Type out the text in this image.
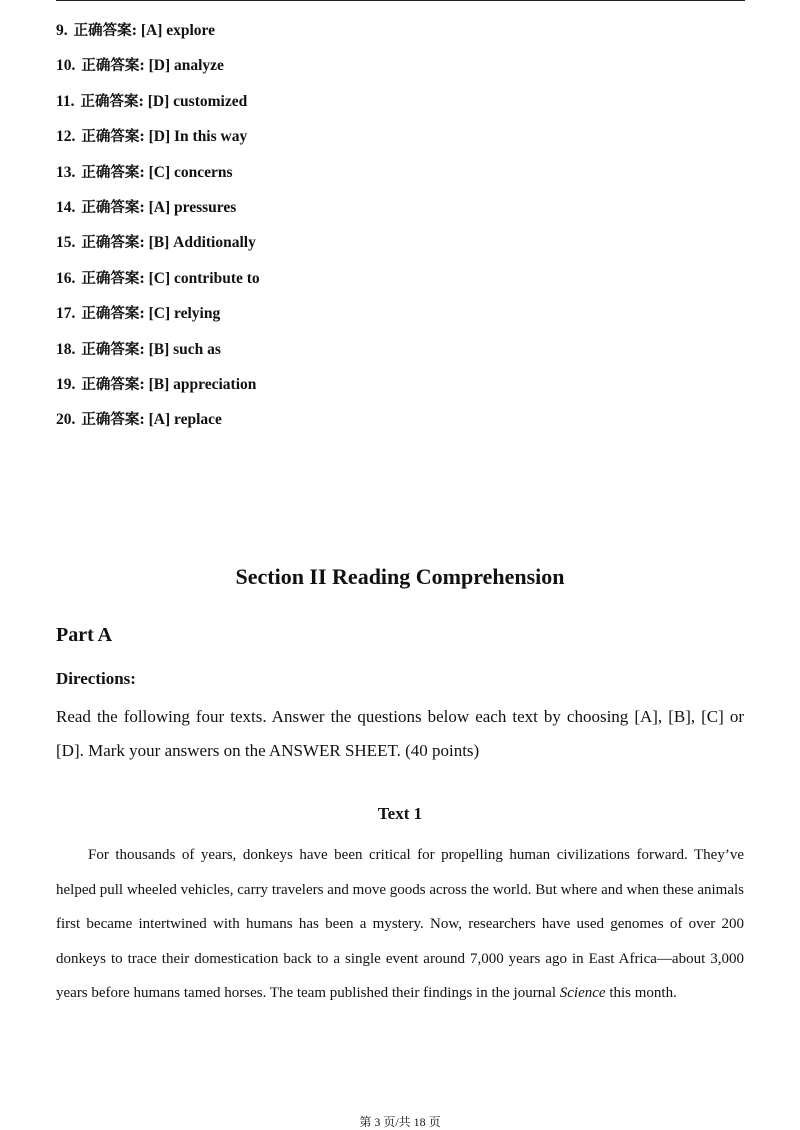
9. 正确答案: [A] explore
10. 正确答案: [D] analyze
11. 正确答案: [D] customized
12. 正确答案: [D] In this way
13. 正确答案: [C] concerns
14. 正确答案: [A] pressures
15. 正确答案: [B] Additionally
16. 正确答案: [C] contribute to
17. 正确答案: [C] relying
18. 正确答案: [B] such as
19. 正确答案: [B] appreciation
20. 正确答案: [A] replace
Section II Reading Comprehension
Part A
Directions:
Read the following four texts. Answer the questions below each text by choosing [A], [B], [C] or [D]. Mark your answers on the ANSWER SHEET. (40 points)
Text 1
For thousands of years, donkeys have been critical for propelling human civilizations forward. They’ve helped pull wheeled vehicles, carry travelers and move goods across the world. But where and when these animals first became intertwined with humans has been a mystery. Now, researchers have used genomes of over 200 donkeys to trace their domestication back to a single event around 7,000 years ago in East Africa—about 3,000 years before humans tamed horses. The team published their findings in the journal Science this month.
第 3 页/共 18 页
